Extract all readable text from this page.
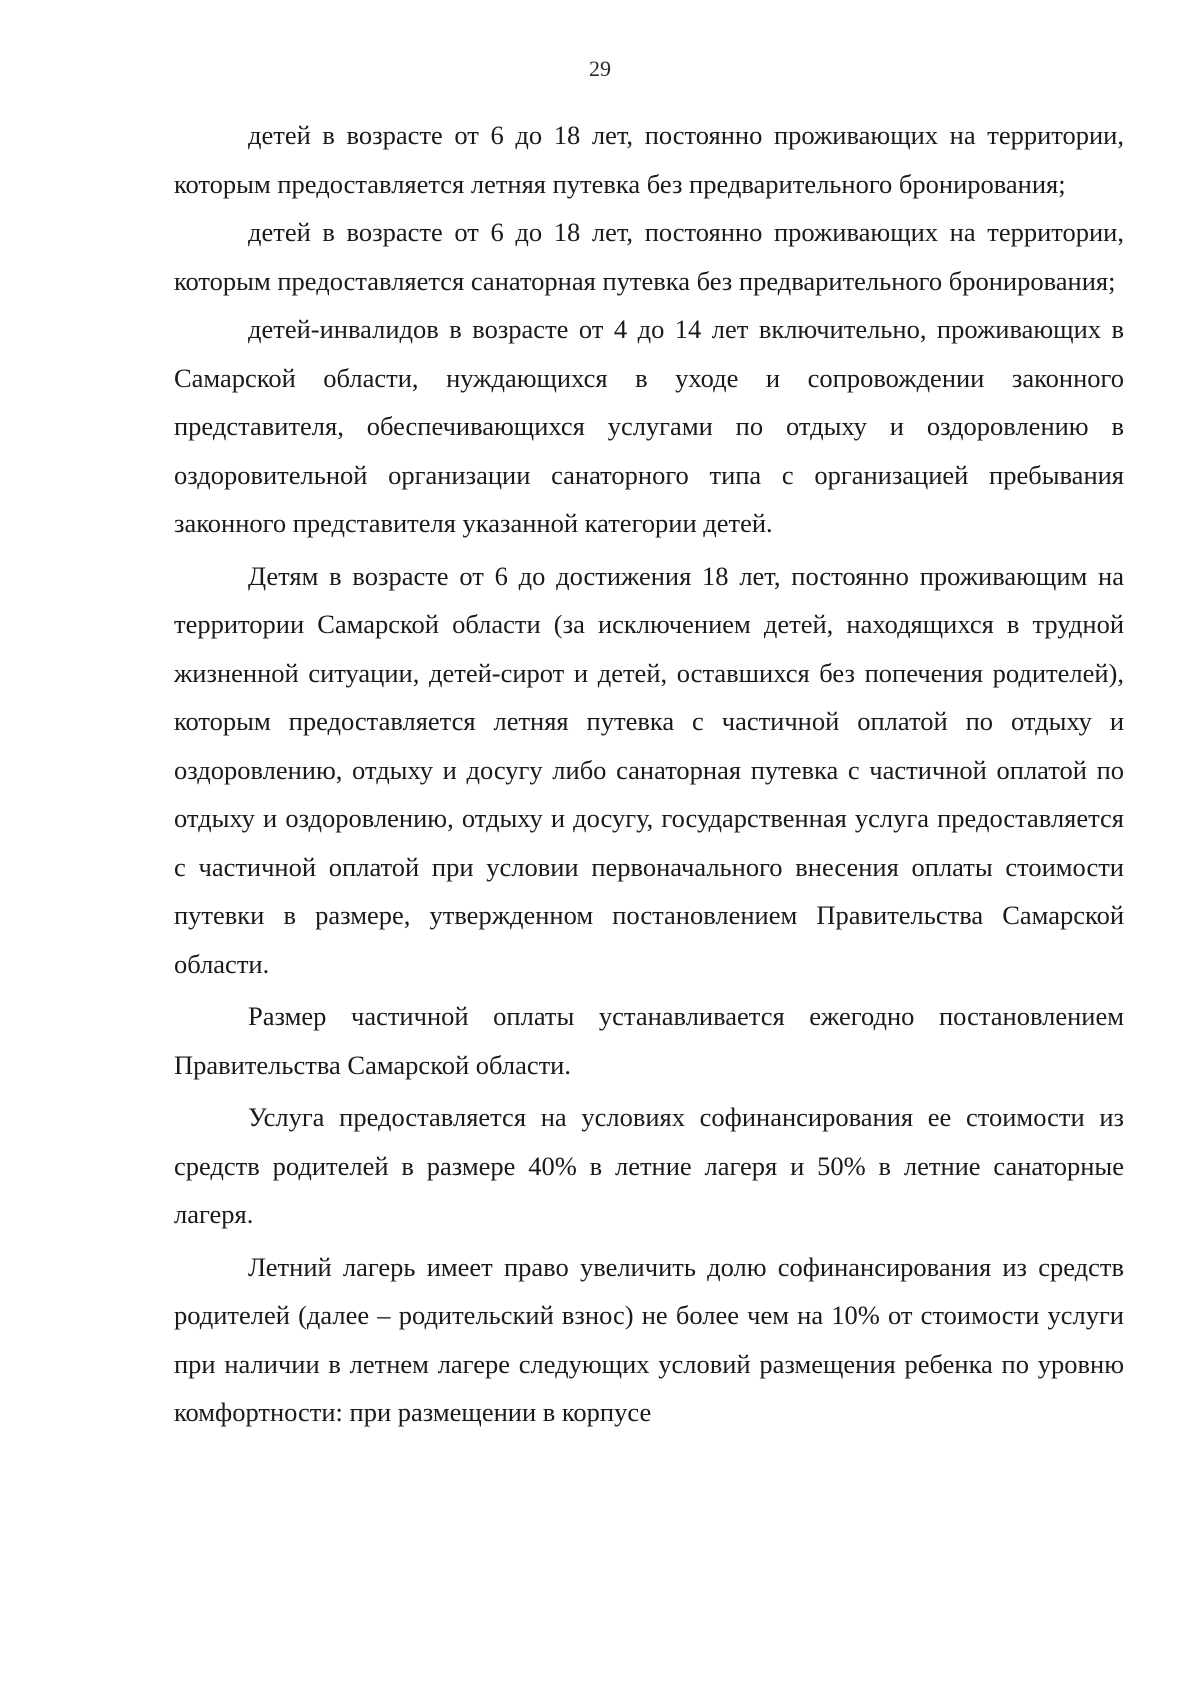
29

детей в возрасте от 6 до 18 лет, постоянно проживающих на территории, которым предоставляется летняя путевка без предварительного бронирования;

детей в возрасте от 6 до 18 лет, постоянно проживающих на территории, которым предоставляется санаторная путевка без предварительного бронирования;

детей-инвалидов в возрасте от 4 до 14 лет включительно, проживающих в Самарской области, нуждающихся в уходе и сопровождении законного представителя, обеспечивающихся услугами по отдыху и оздоровлению в оздоровительной организации санаторного типа с организацией пребывания законного представителя указанной категории детей.

Детям в возрасте от 6 до достижения 18 лет, постоянно проживающим на территории Самарской области (за исключением детей, находящихся в трудной жизненной ситуации, детей-сирот и детей, оставшихся без попечения родителей), которым предоставляется летняя путевка с частичной оплатой по отдыху и оздоровлению, отдыху и досугу либо санаторная путевка с частичной оплатой по отдыху и оздоровлению, отдыху и досугу, государственная услуга предоставляется с частичной оплатой при условии первоначального внесения оплаты стоимости путевки в размере, утвержденном постановлением Правительства Самарской области.

Размер частичной оплаты устанавливается ежегодно постановлением Правительства Самарской области.

Услуга предоставляется на условиях софинансирования ее стоимости из средств родителей в размере 40% в летние лагеря и 50% в летние санаторные лагеря.

Летний лагерь имеет право увеличить долю софинансирования из средств родителей (далее – родительский взнос) не более чем на 10% от стоимости услуги при наличии в летнем лагере следующих условий размещения ребенка по уровню комфортности: при размещении в корпусе
